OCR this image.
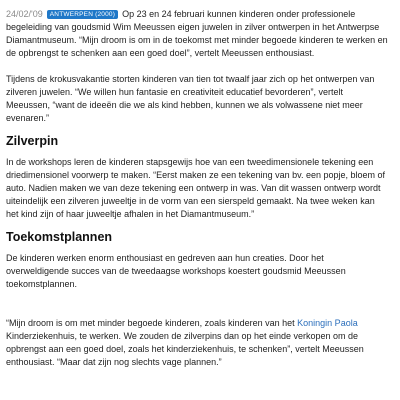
24/02/'09 ANTWERPEN (2000) Op 23 en 24 februari kunnen kinderen onder professionele begeleiding van goudsmid Wim Meeussen eigen juwelen in zilver ontwerpen in het Antwerpse Diamantmuseum. “Mijn droom is om in de toekomst met minder begoede kinderen te werken en de opbrengst te schenken aan een goed doel”, vertelt Meeussen enthousiast.

Tijdens de krokusvakantie storten kinderen van tien tot twaalf jaar zich op het ontwerpen van zilveren juwelen. “We willen hun fantasie en creativiteit educatief bevorderen”, vertelt Meeussen, “want de ideeën die we als kind hebben, kunnen we als volwassene niet meer evenaren.”

Zilverpin

In de workshops leren de kinderen stapsgewijs hoe van een tweedimensionele tekening een driedimensionel voorwerp te maken. “Eerst maken ze een tekening van bv. een popje, bloem of auto. Nadien maken we van deze tekening een ontwerp in was. Van dit wassen ontwerp wordt uiteindelijk een zilveren juweeltje in de vorm van een sierspeld gemaakt. Na twee weken kan het kind zijn of haar juweeltje afhalen in het Diamantmuseum.”

Toekomstplannen

De kinderen werken enorm enthousiast en gedreven aan hun creaties. Door het overweldigende succes van de tweedaagse workshops koestert goudsmid Meeussen toekomstplannen.

“Mijn droom is om met minder begoede kinderen, zoals kinderen van het Koningin Paola Kinderziekenhuis, te werken. We zouden de zilverpins dan op het einde verkopen om de opbrengst aan een goed doel, zoals het kinderziekenhuis, te schenken”, vertelt Meeussen enthousiast. “Maar dat zijn nog slechts vage plannen.”
